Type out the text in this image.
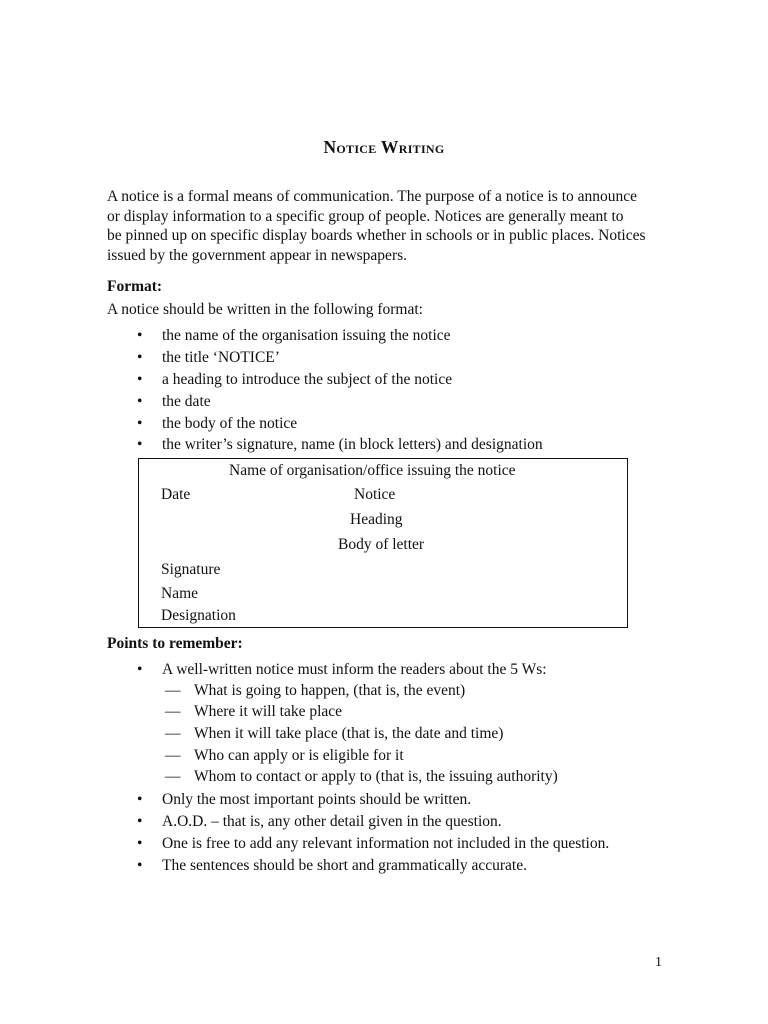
Notice Writing
A notice is a formal means of communication. The purpose of a notice is to announce
or display information to a specific group of people. Notices are generally meant to
be pinned up on specific display boards whether in schools or in public places. Notices
issued by the government appear in newspapers.
Format:
A notice should be written in the following format:
• the name of the organisation issuing the notice
• the title ‘NOTICE’
• a heading to introduce the subject of the notice
• the date
• the body of the notice
• the writer’s signature, name (in block letters) and designation
Name of organisation/office issuing the notice
Date	Notice
Heading
Body of letter
Signature
Name
Designation
Points to remember:
• A well-written notice must inform the readers about the 5 Ws:
— What is going to happen, (that is, the event)
— Where it will take place
— When it will take place (that is, the date and time)
— Who can apply or is eligible for it
— Whom to contact or apply to (that is, the issuing authority)
• Only the most important points should be written.
• A.O.D. – that is, any other detail given in the question.
• One is free to add any relevant information not included in the question.
• The sentences should be short and grammatically accurate.
1
